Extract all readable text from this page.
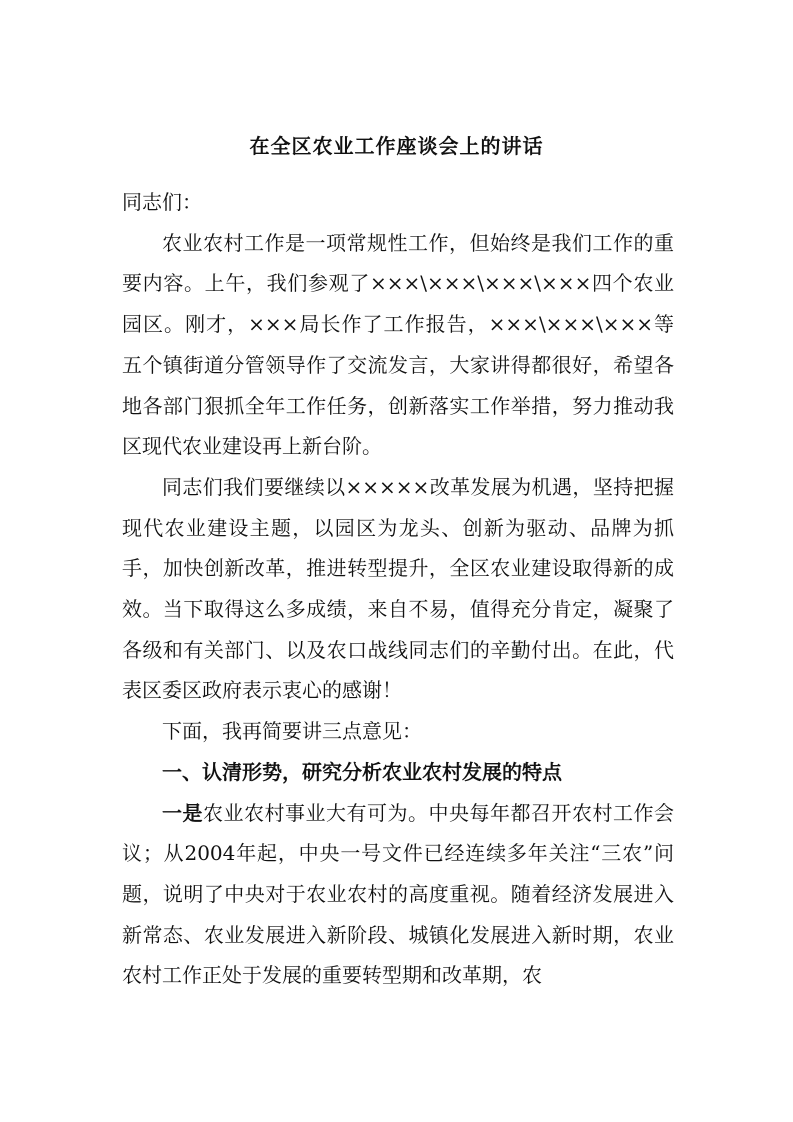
在全区农业工作座谈会上的讲话

同志们：

农业农村工作是一项常规性工作，但始终是我们工作的重要内容。上午，我们参观了×××\×××\×××\×××四个农业园区。刚才，×××局长作了工作报告，×××\×××\×××等五个镇街道分管领导作了交流发言，大家讲得都很好，希望各地各部门狠抓全年工作任务，创新落实工作举措，努力推动我区现代农业建设再上新台阶。

同志们我们要继续以×××××改革发展为机遇，坚持把握现代农业建设主题，以园区为龙头、创新为驱动、品牌为抓手，加快创新改革，推进转型提升，全区农业建设取得新的成效。当下取得这么多成绩，来自不易，值得充分肯定，凝聚了各级和有关部门、以及农口战线同志们的辛勤付出。在此，代表区委区政府表示衷心的感谢！

下面，我再简要讲三点意见：

一、认清形势，研究分析农业农村发展的特点

一是农业农村事业大有可为。中央每年都召开农村工作会议；从2004年起，中央一号文件已经连续多年关注“三农”问题，说明了中央对于农业农村的高度重视。随着经济发展进入新常态、农业发展进入新阶段、城镇化发展进入新时期，农业农村工作正处于发展的重要转型期和改革期，农
